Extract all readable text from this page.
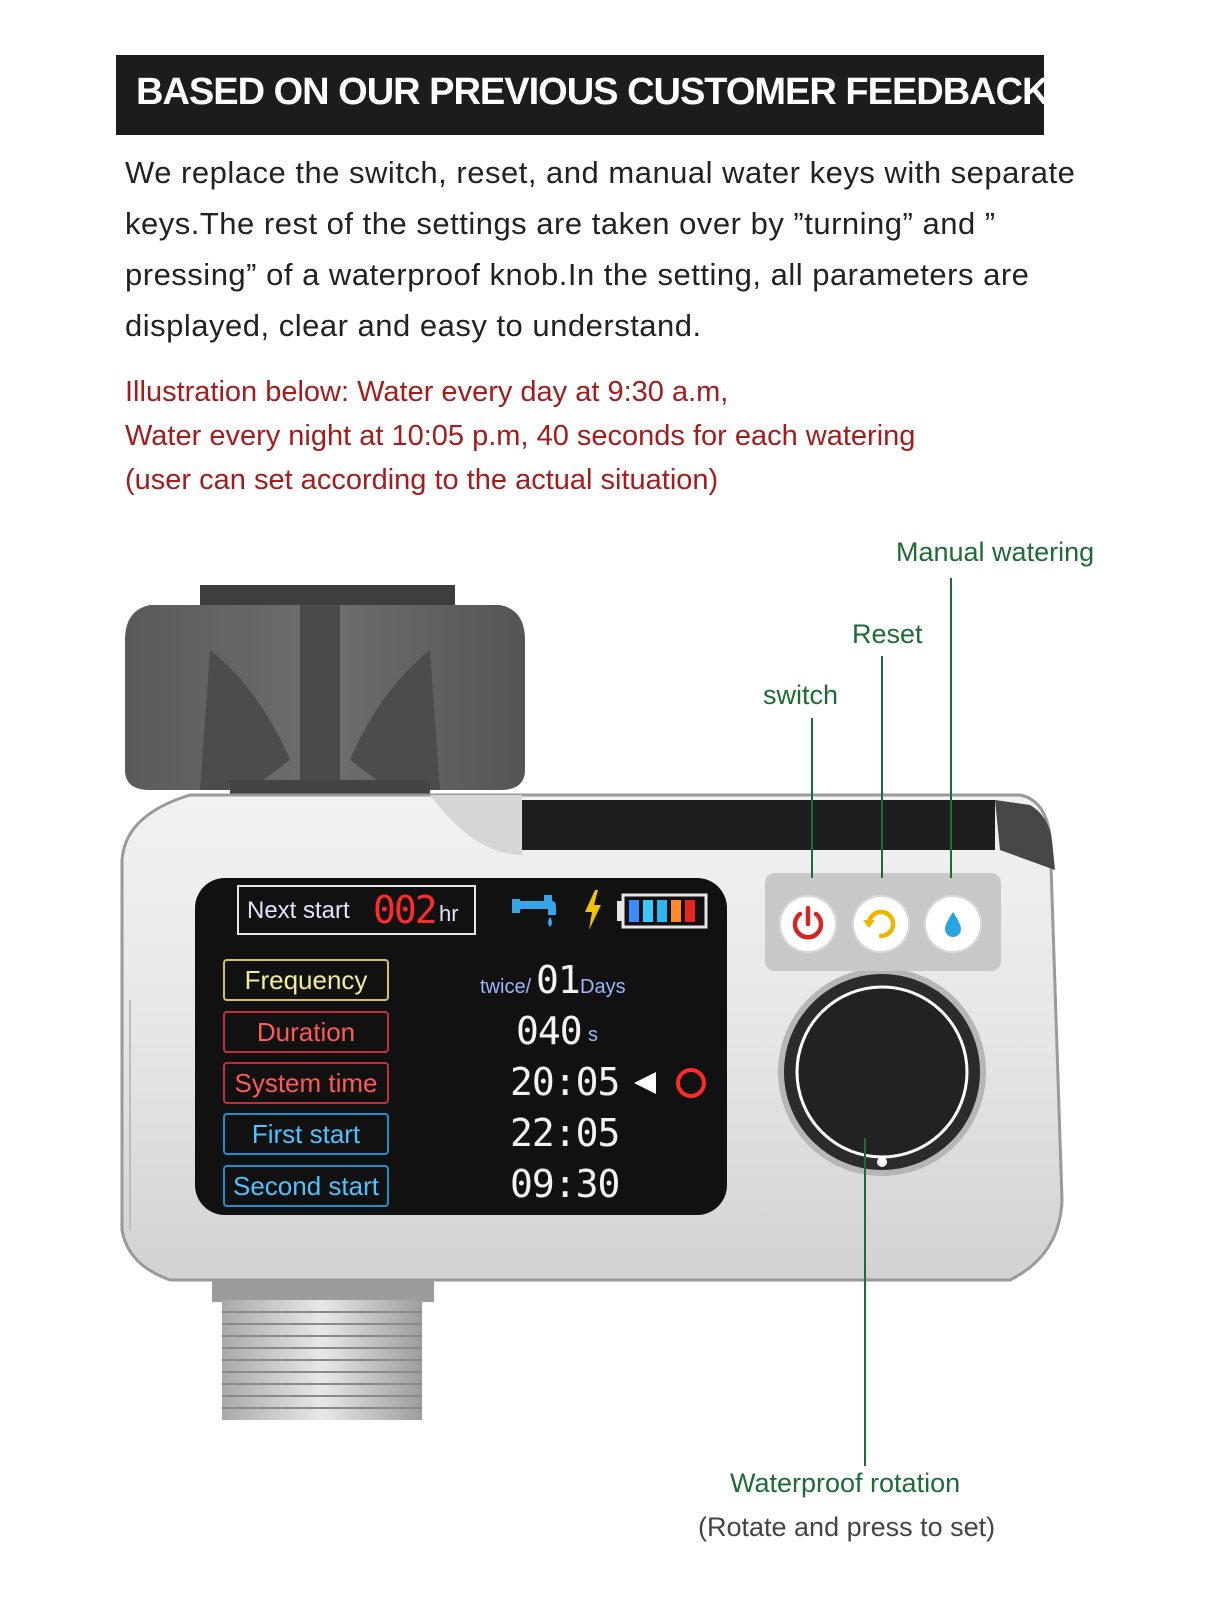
BASED ON OUR PREVIOUS CUSTOMER FEEDBACK

We replace the switch, reset, and manual water keys with separate

keys.The rest of the settings are taken over by ”turning” and ”

pressing” of a waterproof knob.In the setting, all parameters are

displayed, clear and easy to understand.

Illustration below: Water every day at 9:30 a.m,

Water every night at 10:05 p.m, 40 seconds for each watering

(user can set according to the actual situation)

Next start 002 hr
Frequency
Duration
System time
First start
Second start
twice/ 01 Days
040 s
20:05
22:05
09:30
Manual watering
Reset
switch
Waterproof rotation
(Rotate and press to set)
